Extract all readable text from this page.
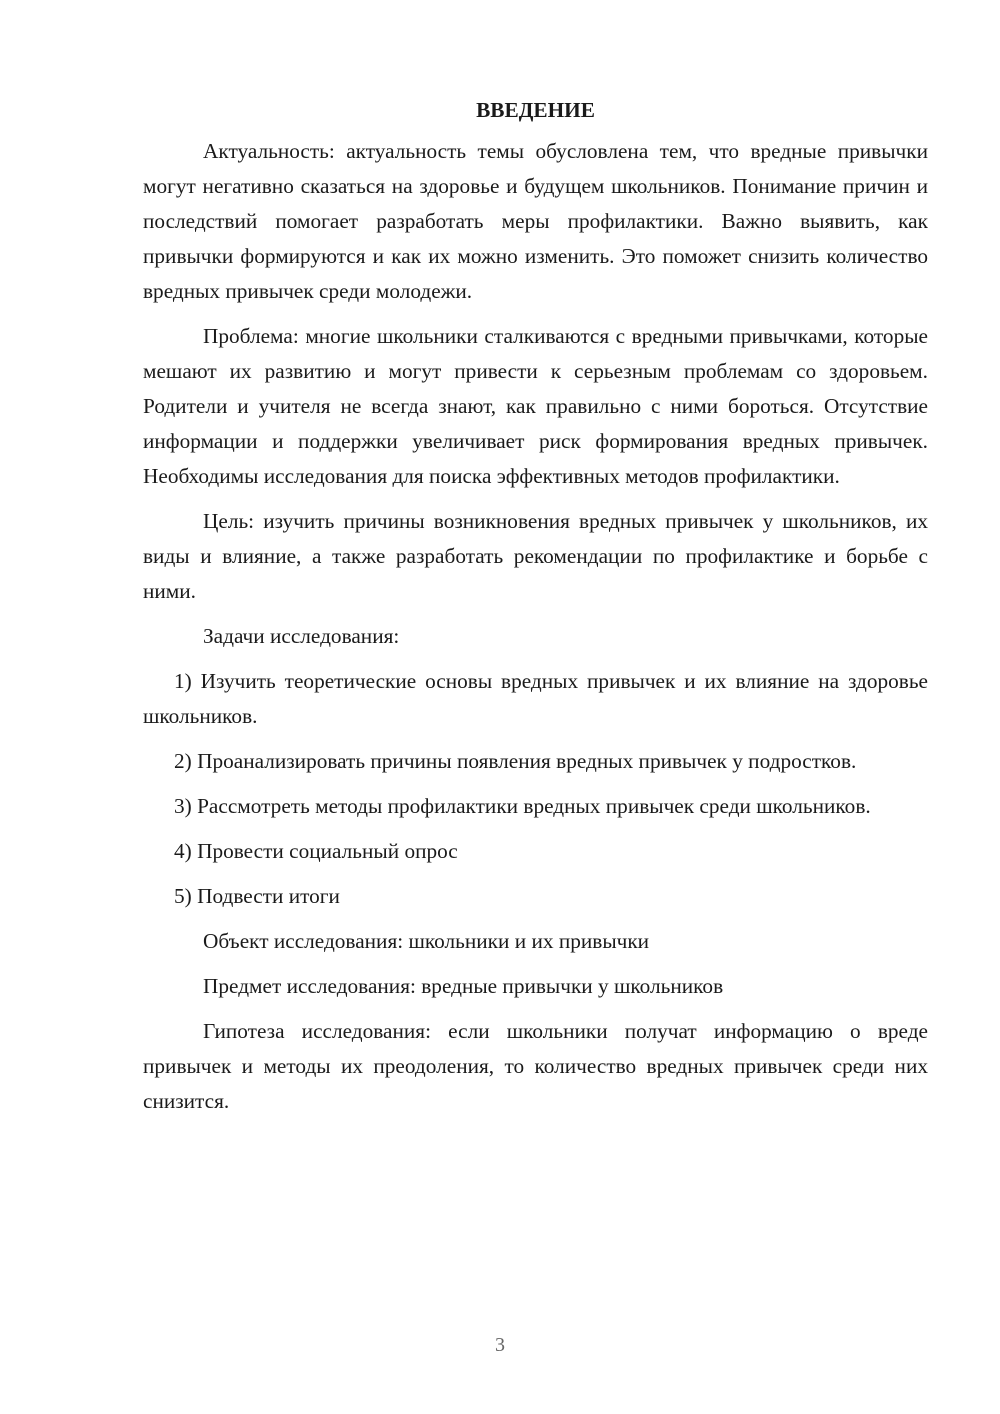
ВВЕДЕНИЕ

Актуальность: актуальность темы обусловлена тем, что вредные привычки могут негативно сказаться на здоровье и будущем школьников. Понимание причин и последствий помогает разработать меры профилактики. Важно выявить, как привычки формируются и как их можно изменить. Это поможет снизить количество вредных привычек среди молодежи.

Проблема: многие школьники сталкиваются с вредными привычками, которые мешают их развитию и могут привести к серьезным проблемам со здоровьем. Родители и учителя не всегда знают, как правильно с ними бороться. Отсутствие информации и поддержки увеличивает риск формирования вредных привычек. Необходимы исследования для поиска эффективных методов профилактики.

Цель: изучить причины возникновения вредных привычек у школьников, их виды и влияние, а также разработать рекомендации по профилактике и борьбе с ними.

Задачи исследования:

1) Изучить теоретические основы вредных привычек и их влияние на здоровье школьников.

2) Проанализировать причины появления вредных привычек у подростков.

3) Рассмотреть методы профилактики вредных привычек среди школьников.

4) Провести социальный опрос

5) Подвести итоги

Объект исследования: школьники и их привычки

Предмет исследования: вредные привычки у школьников

Гипотеза исследования: если школьники получат информацию о вреде привычек и методы их преодоления, то количество вредных привычек среди них снизится.

3
